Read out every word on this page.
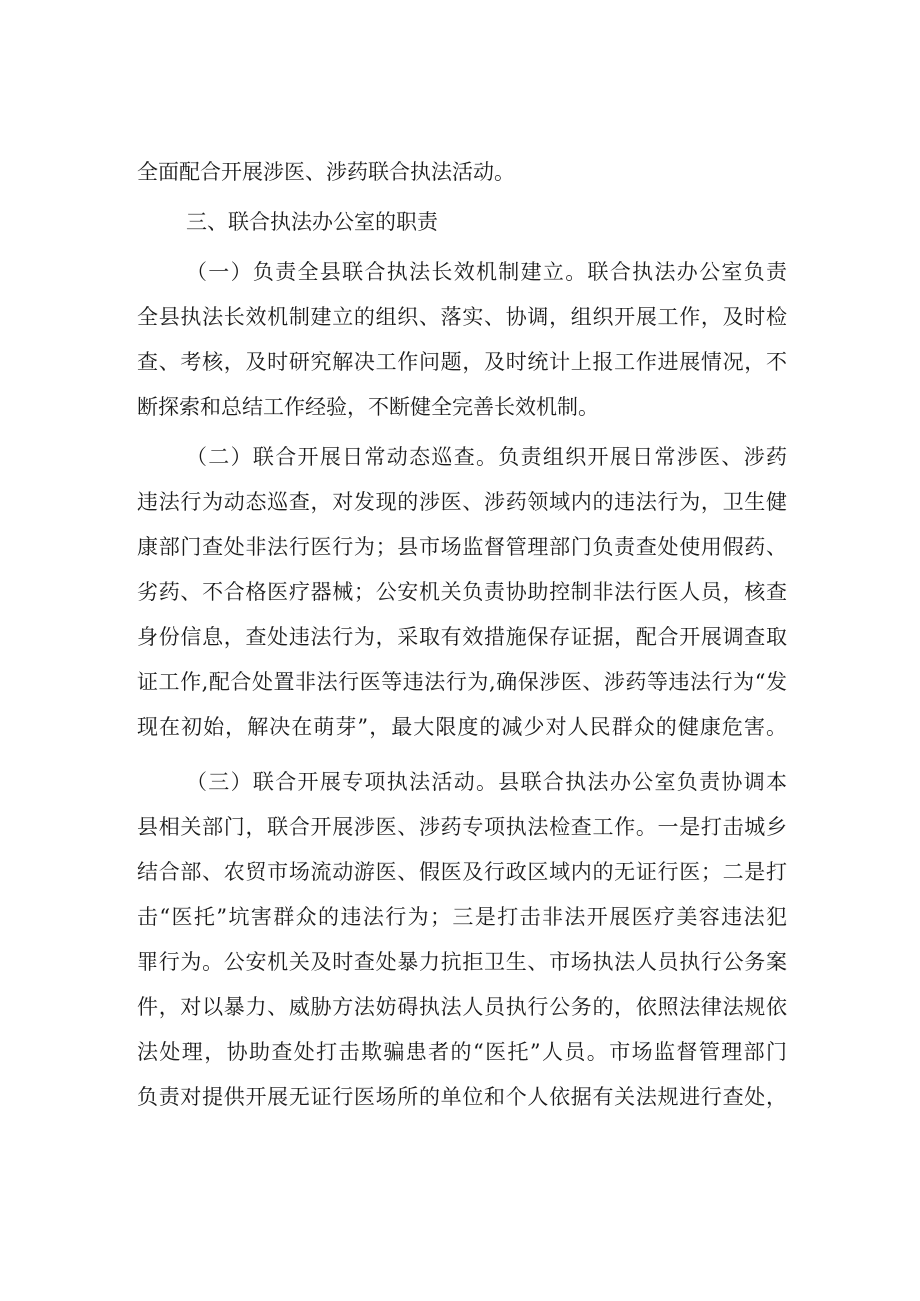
全面配合开展涉医、涉药联合执法活动。
三、联合执法办公室的职责
（一）负责全县联合执法长效机制建立。联合执法办公室负责
全县执法长效机制建立的组织、落实、协调，组织开展工作，及时检
查、考核，及时研究解决工作问题，及时统计上报工作进展情况，不
断探索和总结工作经验，不断健全完善长效机制。
（二）联合开展日常动态巡查。负责组织开展日常涉医、涉药
违法行为动态巡查，对发现的涉医、涉药领域内的违法行为，卫生健
康部门查处非法行医行为；县市场监督管理部门负责查处使用假药、
劣药、不合格医疗器械；公安机关负责协助控制非法行医人员，核查
身份信息，查处违法行为，采取有效措施保存证据，配合开展调查取
证工作,配合处置非法行医等违法行为,确保涉医、涉药等违法行为“发
现在初始，解决在萌芽”，最大限度的减少对人民群众的健康危害。
（三）联合开展专项执法活动。县联合执法办公室负责协调本
县相关部门，联合开展涉医、涉药专项执法检查工作。一是打击城乡
结合部、农贸市场流动游医、假医及行政区域内的无证行医；二是打
击“医托”坑害群众的违法行为；三是打击非法开展医疗美容违法犯
罪行为。公安机关及时查处暴力抗拒卫生、市场执法人员执行公务案
件，对以暴力、威胁方法妨碍执法人员执行公务的，依照法律法规依
法处理，协助查处打击欺骗患者的“医托”人员。市场监督管理部门
负责对提供开展无证行医场所的单位和个人依据有关法规进行查处，
